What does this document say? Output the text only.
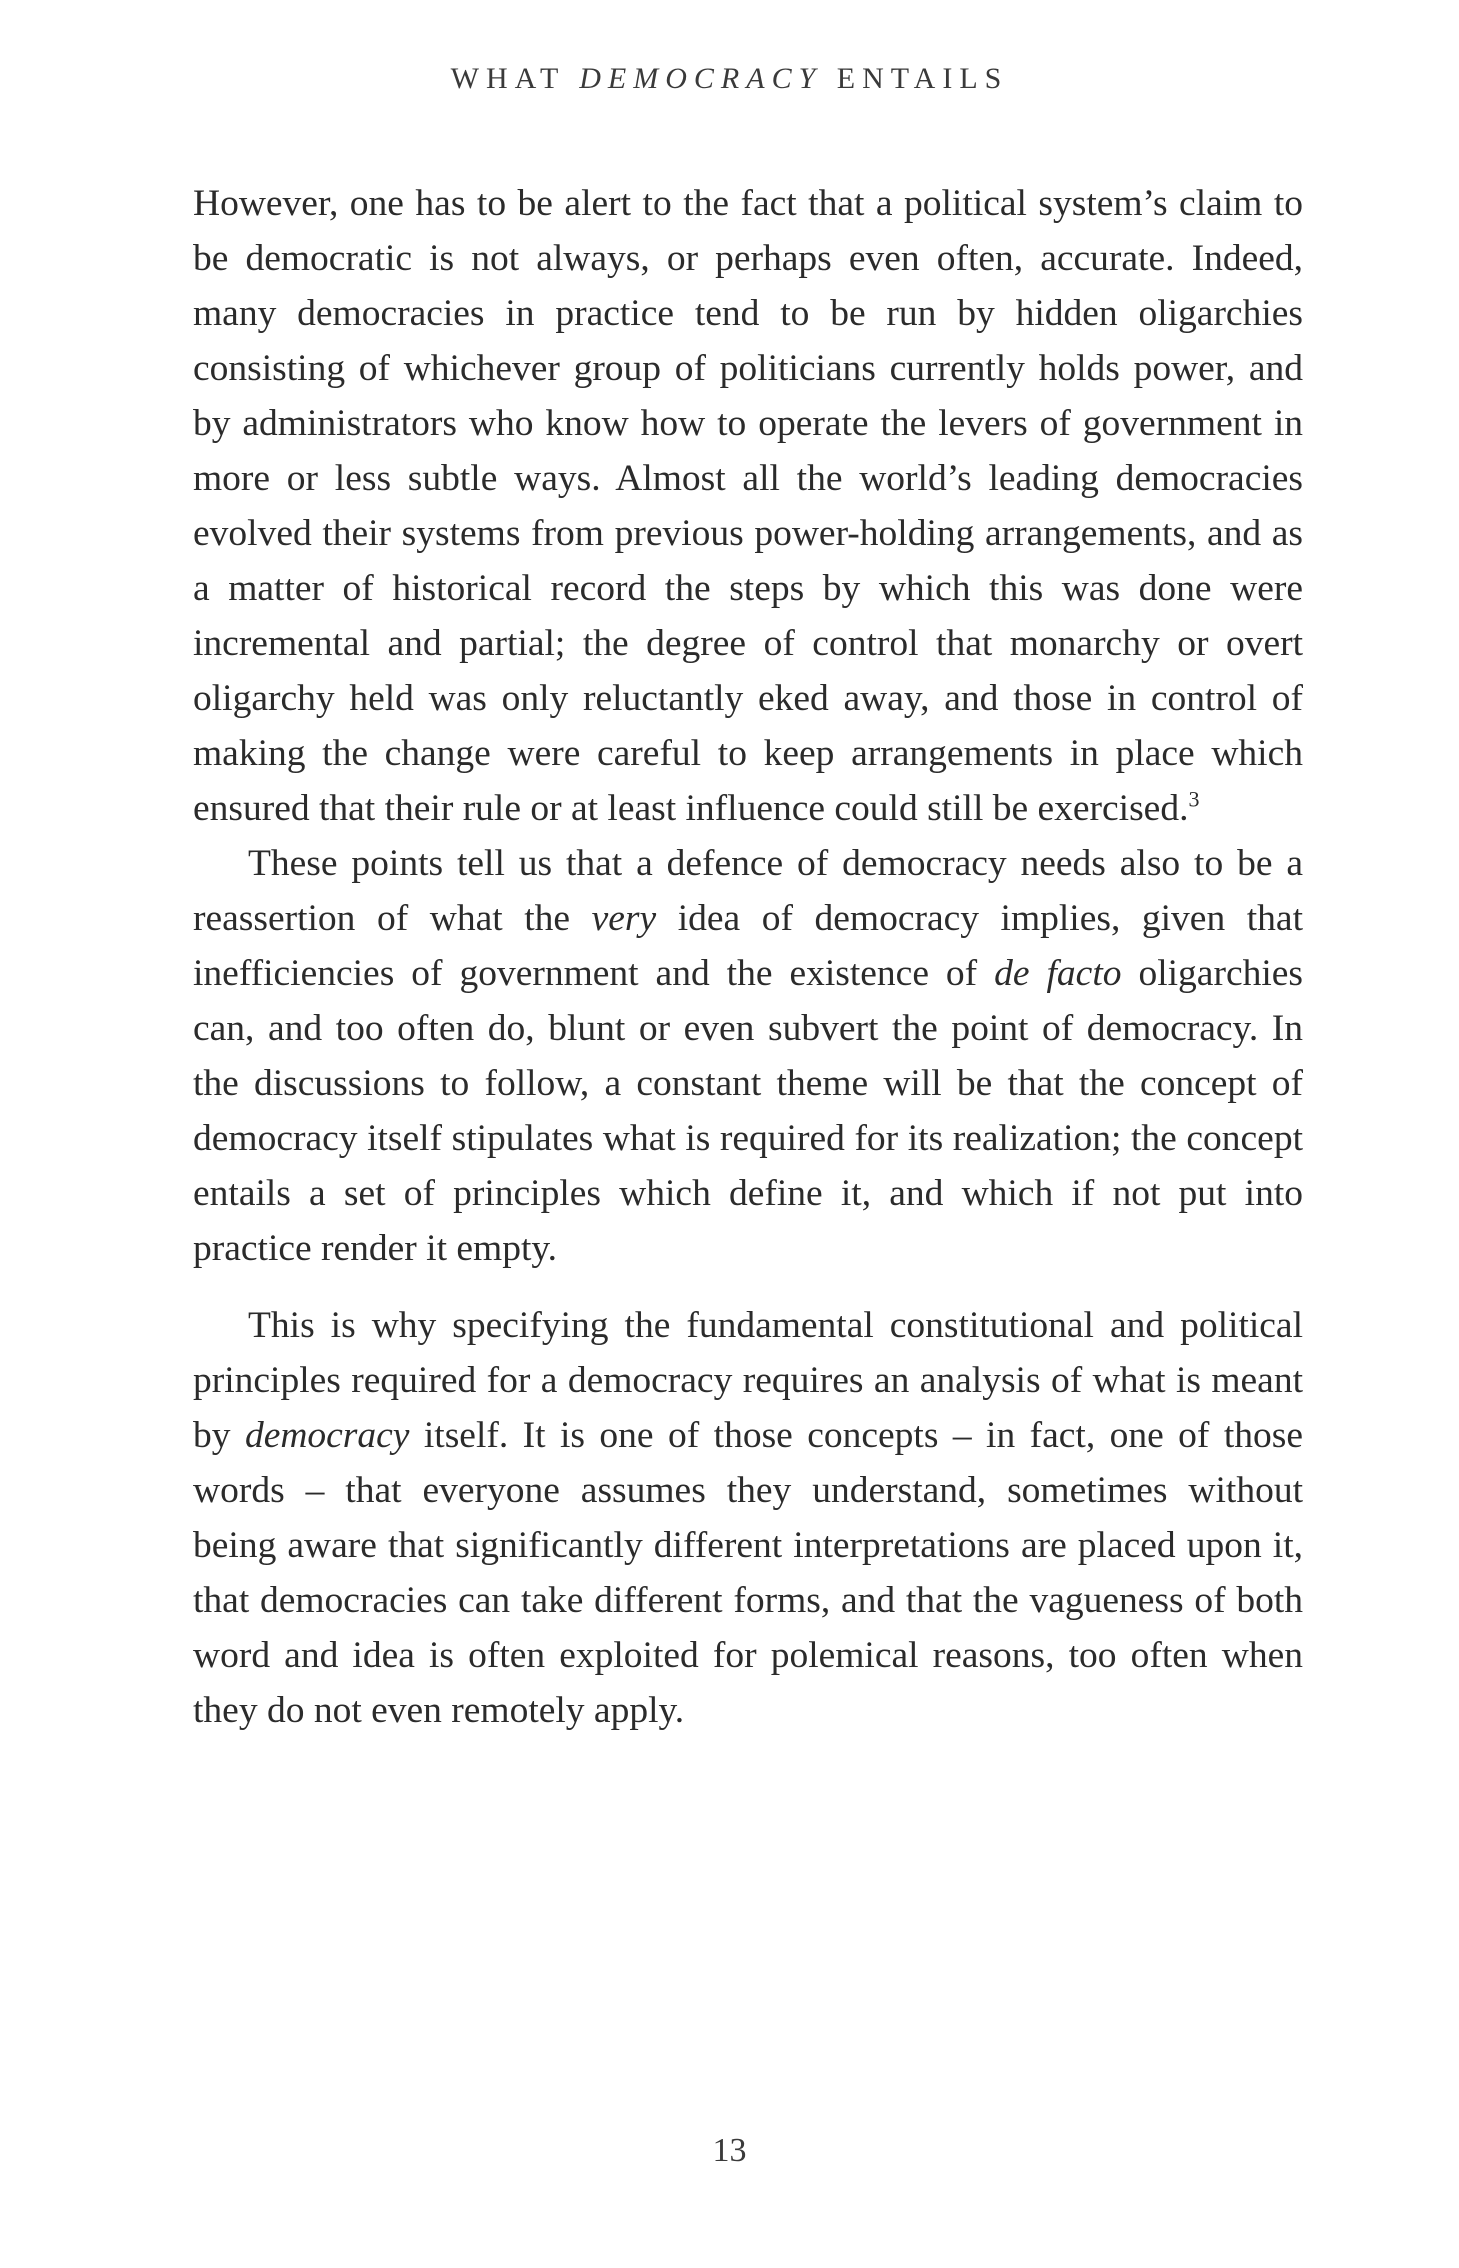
WHAT DEMOCRACY ENTAILS

However, one has to be alert to the fact that a political system’s claim to be democratic is not always, or perhaps even often, accurate. Indeed, many democracies in practice tend to be run by hidden oligarchies consisting of whichever group of politicians currently holds power, and by administrators who know how to operate the levers of government in more or less subtle ways. Almost all the world’s leading democracies evolved their systems from previous power-holding arrangements, and as a matter of historical record the steps by which this was done were incremental and partial; the degree of control that monarchy or overt oligarchy held was only reluctantly eked away, and those in control of making the change were careful to keep arrangements in place which ensured that their rule or at least influence could still be exercised.$^3$

These points tell us that a defence of democracy needs also to be a reassertion of what the very idea of democracy implies, given that inefficiencies of government and the existence of de facto oligarchies can, and too often do, blunt or even subvert the point of democracy. In the discussions to follow, a constant theme will be that the concept of democracy itself stipulates what is required for its realization; the concept entails a set of principles which define it, and which if not put into practice render it empty.

This is why specifying the fundamental constitutional and political principles required for a democracy requires an analysis of what is meant by democracy itself. It is one of those concepts – in fact, one of those words – that everyone assumes they understand, sometimes without being aware that significantly different interpretations are placed upon it, that democracies can take different forms, and that the vagueness of both word and idea is often exploited for polemical reasons, too often when they do not even remotely apply.

13
